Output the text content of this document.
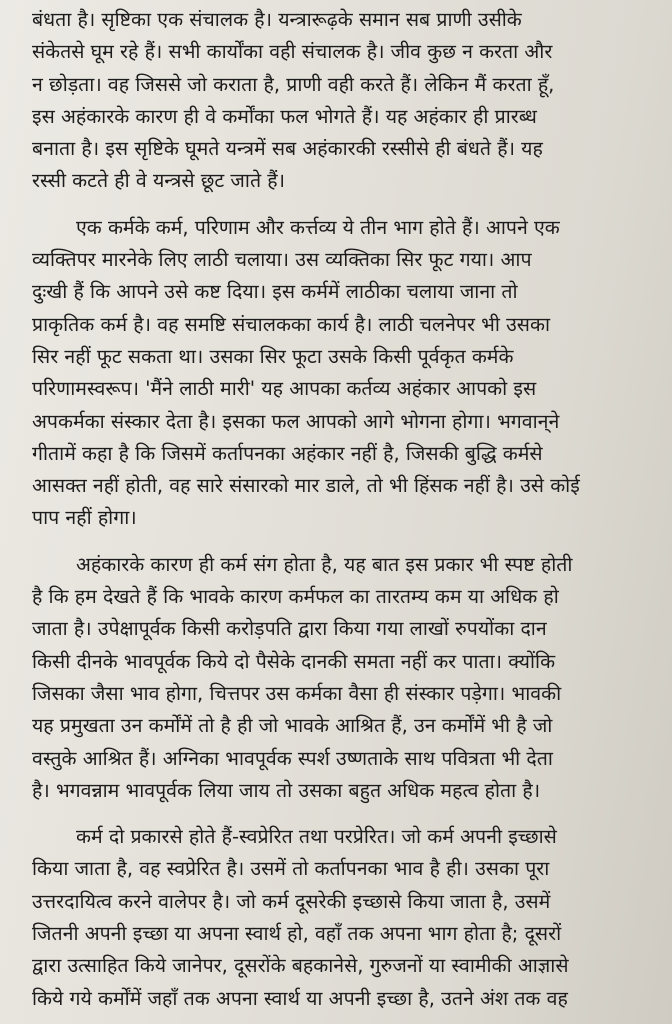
बंधता है। सृष्टिका एक संचालक है। यन्त्रारूढ़के समान सब प्राणी उसीके
संकेतसे घूम रहे हैं। सभी कार्योंका वही संचालक है। जीव कुछ न करता और
न छोड़ता। वह जिससे जो कराता है, प्राणी वही करते हैं। लेकिन मैं करता हूँ,
इस अहंकारके कारण ही वे कर्मोंका फल भोगते हैं। यह अहंकार ही प्रारब्ध
बनाता है। इस सृष्टिके घूमते यन्त्रमें सब अहंकारकी रस्सीसे ही बंधते हैं। यह
रस्सी कटते ही वे यन्त्रसे छूट जाते हैं।
एक कर्मके कर्म, परिणाम और कर्त्तव्य ये तीन भाग होते हैं। आपने एक
व्यक्तिपर मारनेके लिए लाठी चलाया। उस व्यक्तिका सिर फूट गया। आप
दुःखी हैं कि आपने उसे कष्ट दिया। इस कर्ममें लाठीका चलाया जाना तो
प्राकृतिक कर्म है। वह समष्टि संचालकका कार्य है। लाठी चलनेपर भी उसका
सिर नहीं फूट सकता था। उसका सिर फूटा उसके किसी पूर्वकृत कर्मके
परिणामस्वरूप। 'मैंने लाठी मारी' यह आपका कर्तव्य अहंकार आपको इस
अपकर्मका संस्कार देता है। इसका फल आपको आगे भोगना होगा। भगवान्‌ने
गीतामें कहा है कि जिसमें कर्तापनका अहंकार नहीं है, जिसकी बुद्धि कर्मसे
आसक्त नहीं होती, वह सारे संसारको मार डाले, तो भी हिंसक नहीं है। उसे कोई
पाप नहीं होगा।
अहंकारके कारण ही कर्म संग होता है, यह बात इस प्रकार भी स्पष्ट होती
है कि हम देखते हैं कि भावके कारण कर्मफल का तारतम्य कम या अधिक हो
जाता है। उपेक्षापूर्वक किसी करोड़पति द्वारा किया गया लाखों रुपयोंका दान
किसी दीनके भावपूर्वक किये दो पैसेके दानकी समता नहीं कर पाता। क्योंकि
जिसका जैसा भाव होगा, चित्तपर उस कर्मका वैसा ही संस्कार पड़ेगा। भावकी
यह प्रमुखता उन कर्मोंमें तो है ही जो भावके आश्रित हैं, उन कर्मोंमें भी है जो
वस्तुके आश्रित हैं। अग्निका भावपूर्वक स्पर्श उष्णताके साथ पवित्रता भी देता
है। भगवन्नाम भावपूर्वक लिया जाय तो उसका बहुत अधिक महत्व होता है।
कर्म दो प्रकारसे होते हैं-स्वप्रेरित तथा परप्रेरित। जो कर्म अपनी इच्छासे
किया जाता है, वह स्वप्रेरित है। उसमें तो कर्तापनका भाव है ही। उसका पूरा
उत्तरदायित्व करने वालेपर है। जो कर्म दूसरेकी इच्छासे किया जाता है, उसमें
जितनी अपनी इच्छा या अपना स्वार्थ हो, वहाँ तक अपना भाग होता है; दूसरों
द्वारा उत्साहित किये जानेपर, दूसरोंके बहकानेसे, गुरुजनों या स्वामीकी आज्ञासे
किये गये कर्मोंमें जहाँ तक अपना स्वार्थ या अपनी इच्छा है, उतने अंश तक वह
